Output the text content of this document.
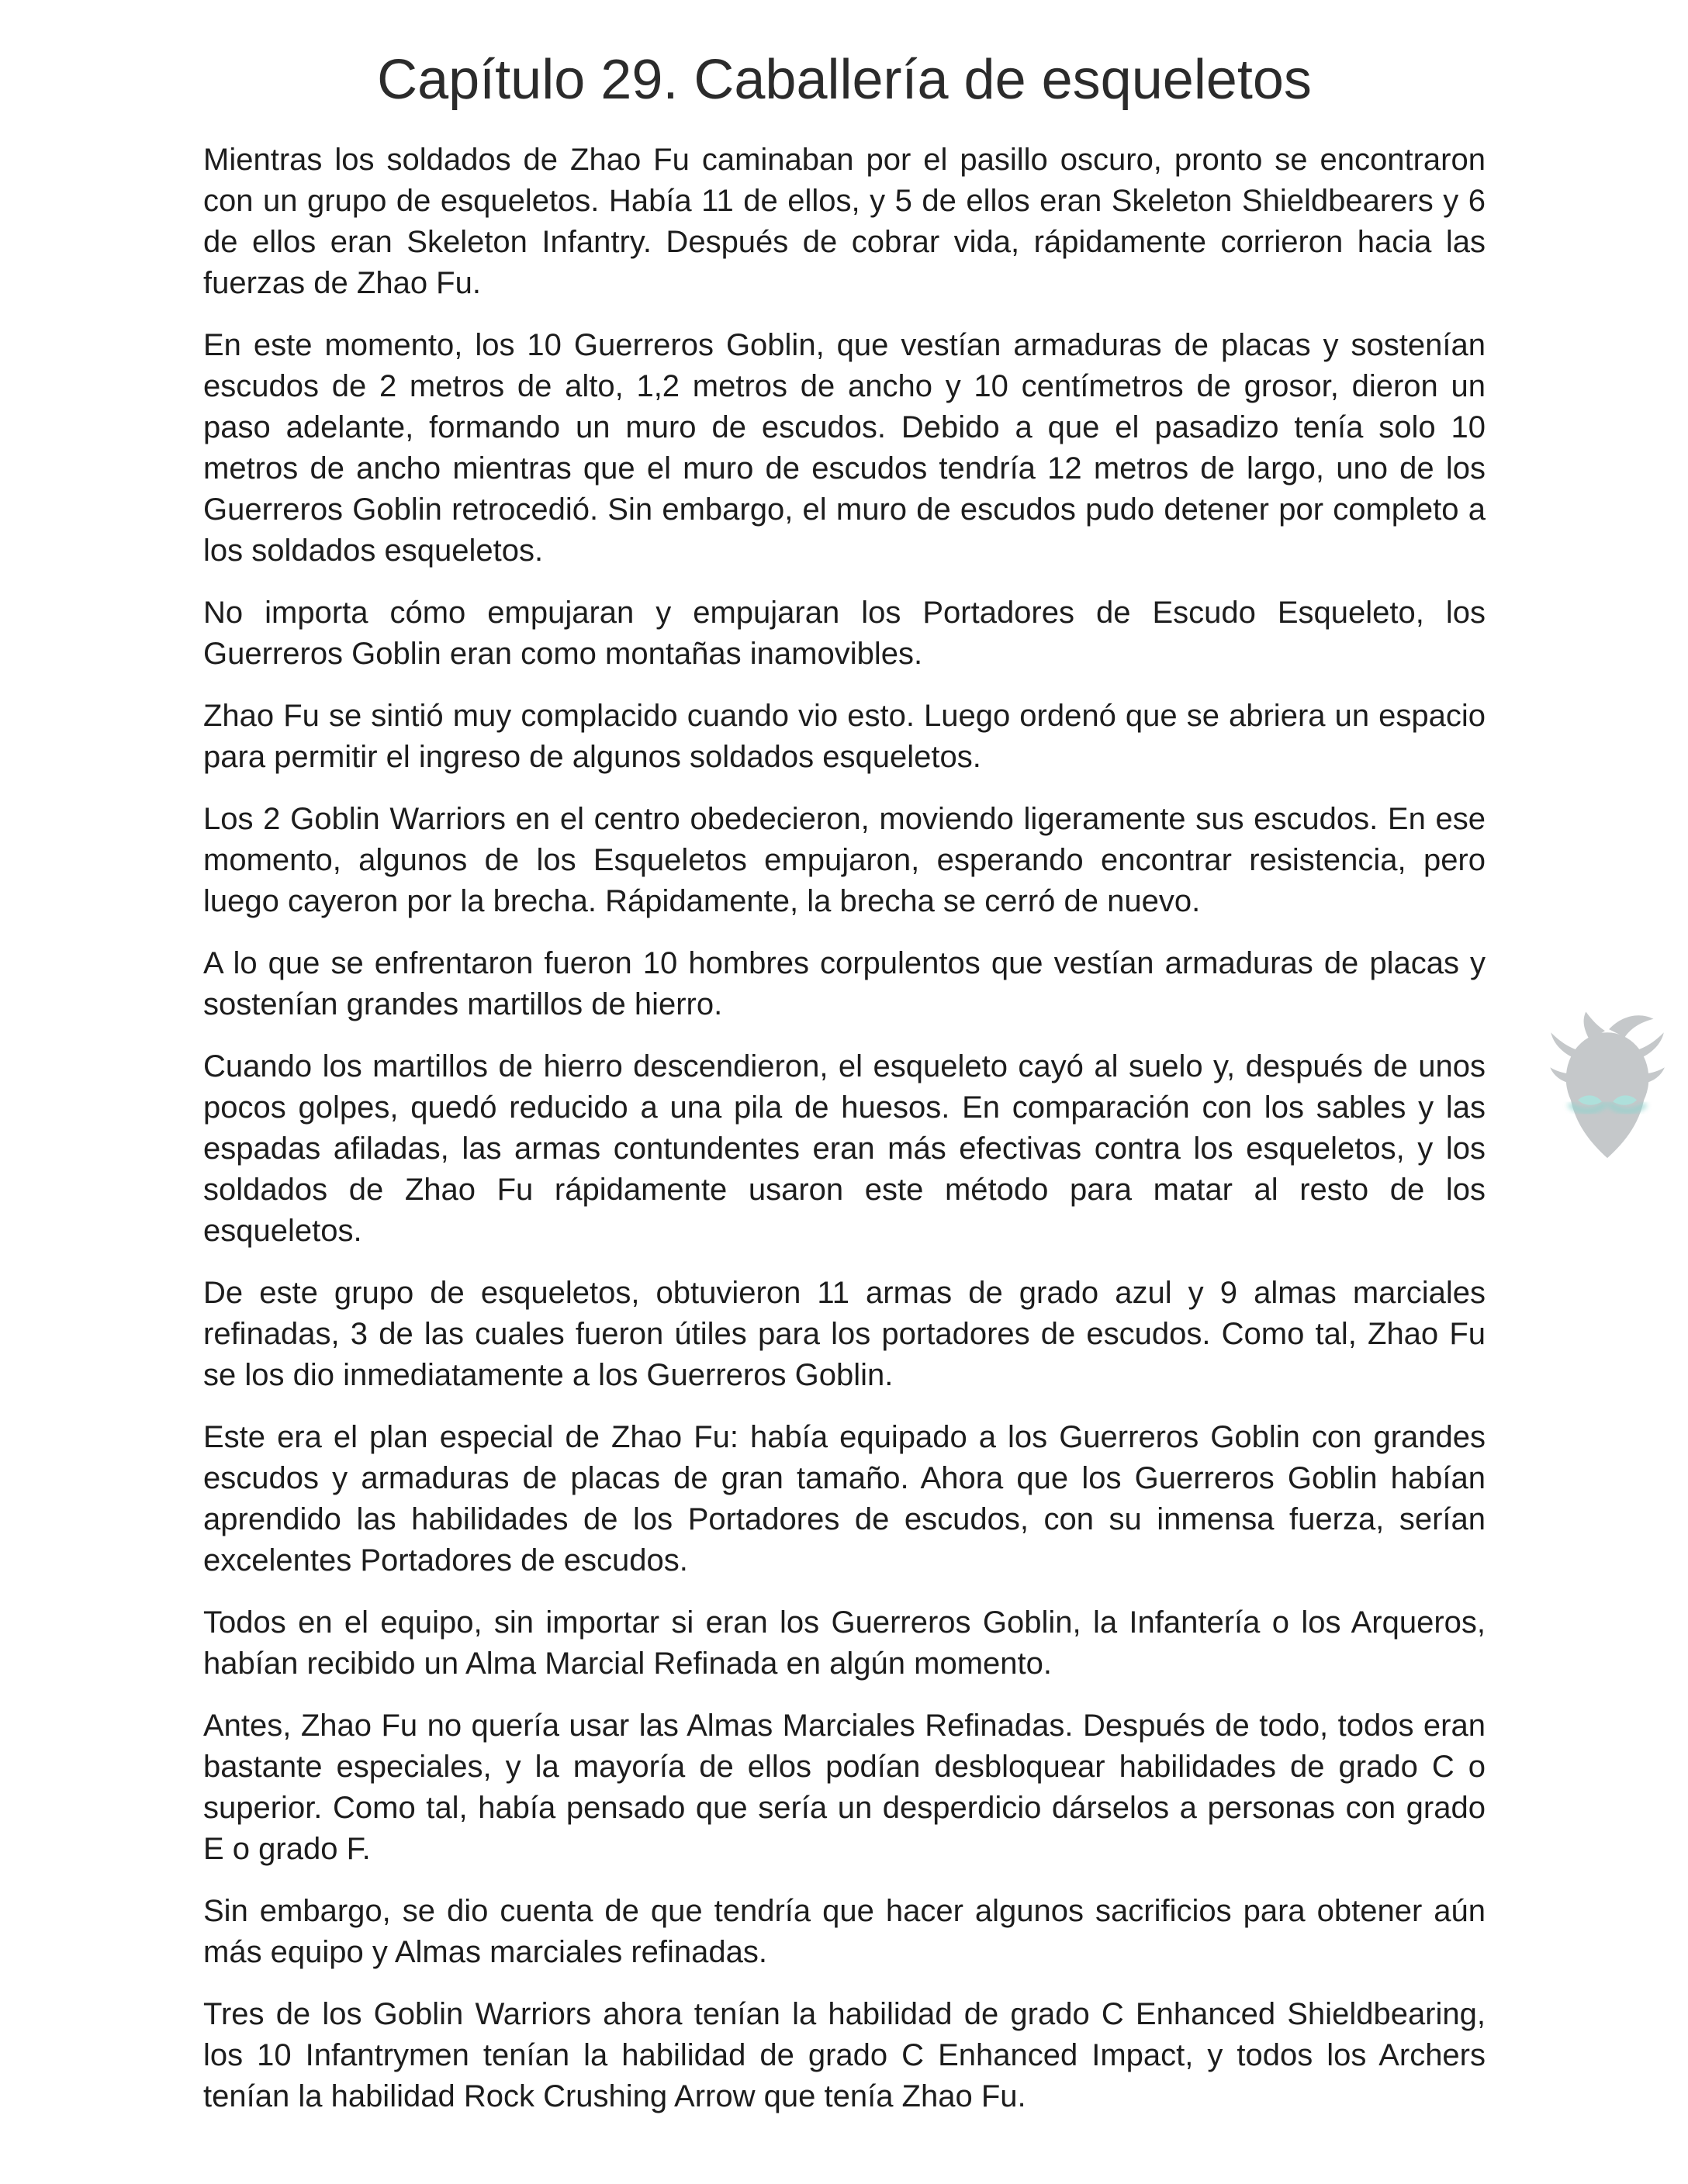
Capítulo 29. Caballería de esqueletos

Mientras los soldados de Zhao Fu caminaban por el pasillo oscuro, pronto se encontraron con un grupo de esqueletos. Había 11 de ellos, y 5 de ellos eran Skeleton Shieldbearers y 6 de ellos eran Skeleton Infantry. Después de cobrar vida, rápidamente corrieron hacia las fuerzas de Zhao Fu.

En este momento, los 10 Guerreros Goblin, que vestían armaduras de placas y sostenían escudos de 2 metros de alto, 1,2 metros de ancho y 10 centímetros de grosor, dieron un paso adelante, formando un muro de escudos. Debido a que el pasadizo tenía solo 10 metros de ancho mientras que el muro de escudos tendría 12 metros de largo, uno de los Guerreros Goblin retrocedió. Sin embargo, el muro de escudos pudo detener por completo a los soldados esqueletos.

No importa cómo empujaran y empujaran los Portadores de Escudo Esqueleto, los Guerreros Goblin eran como montañas inamovibles.

Zhao Fu se sintió muy complacido cuando vio esto. Luego ordenó que se abriera un espacio para permitir el ingreso de algunos soldados esqueletos.

Los 2 Goblin Warriors en el centro obedecieron, moviendo ligeramente sus escudos. En ese momento, algunos de los Esqueletos empujaron, esperando encontrar resistencia, pero luego cayeron por la brecha. Rápidamente, la brecha se cerró de nuevo.

A lo que se enfrentaron fueron 10 hombres corpulentos que vestían armaduras de placas y sostenían grandes martillos de hierro.

Cuando los martillos de hierro descendieron, el esqueleto cayó al suelo y, después de unos pocos golpes, quedó reducido a una pila de huesos. En comparación con los sables y las espadas afiladas, las armas contundentes eran más efectivas contra los esqueletos, y los soldados de Zhao Fu rápidamente usaron este método para matar al resto de los esqueletos.

De este grupo de esqueletos, obtuvieron 11 armas de grado azul y 9 almas marciales refinadas, 3 de las cuales fueron útiles para los portadores de escudos. Como tal, Zhao Fu se los dio inmediatamente a los Guerreros Goblin.

Este era el plan especial de Zhao Fu: había equipado a los Guerreros Goblin con grandes escudos y armaduras de placas de gran tamaño. Ahora que los Guerreros Goblin habían aprendido las habilidades de los Portadores de escudos, con su inmensa fuerza, serían excelentes Portadores de escudos.

Todos en el equipo, sin importar si eran los Guerreros Goblin, la Infantería o los Arqueros, habían recibido un Alma Marcial Refinada en algún momento.

Antes, Zhao Fu no quería usar las Almas Marciales Refinadas. Después de todo, todos eran bastante especiales, y la mayoría de ellos podían desbloquear habilidades de grado C o superior. Como tal, había pensado que sería un desperdicio dárselos a personas con grado E o grado F.

Sin embargo, se dio cuenta de que tendría que hacer algunos sacrificios para obtener aún más equipo y Almas marciales refinadas.

Tres de los Goblin Warriors ahora tenían la habilidad de grado C Enhanced Shieldbearing, los 10 Infantrymen tenían la habilidad de grado C Enhanced Impact, y todos los Archers tenían la habilidad Rock Crushing Arrow que tenía Zhao Fu.
